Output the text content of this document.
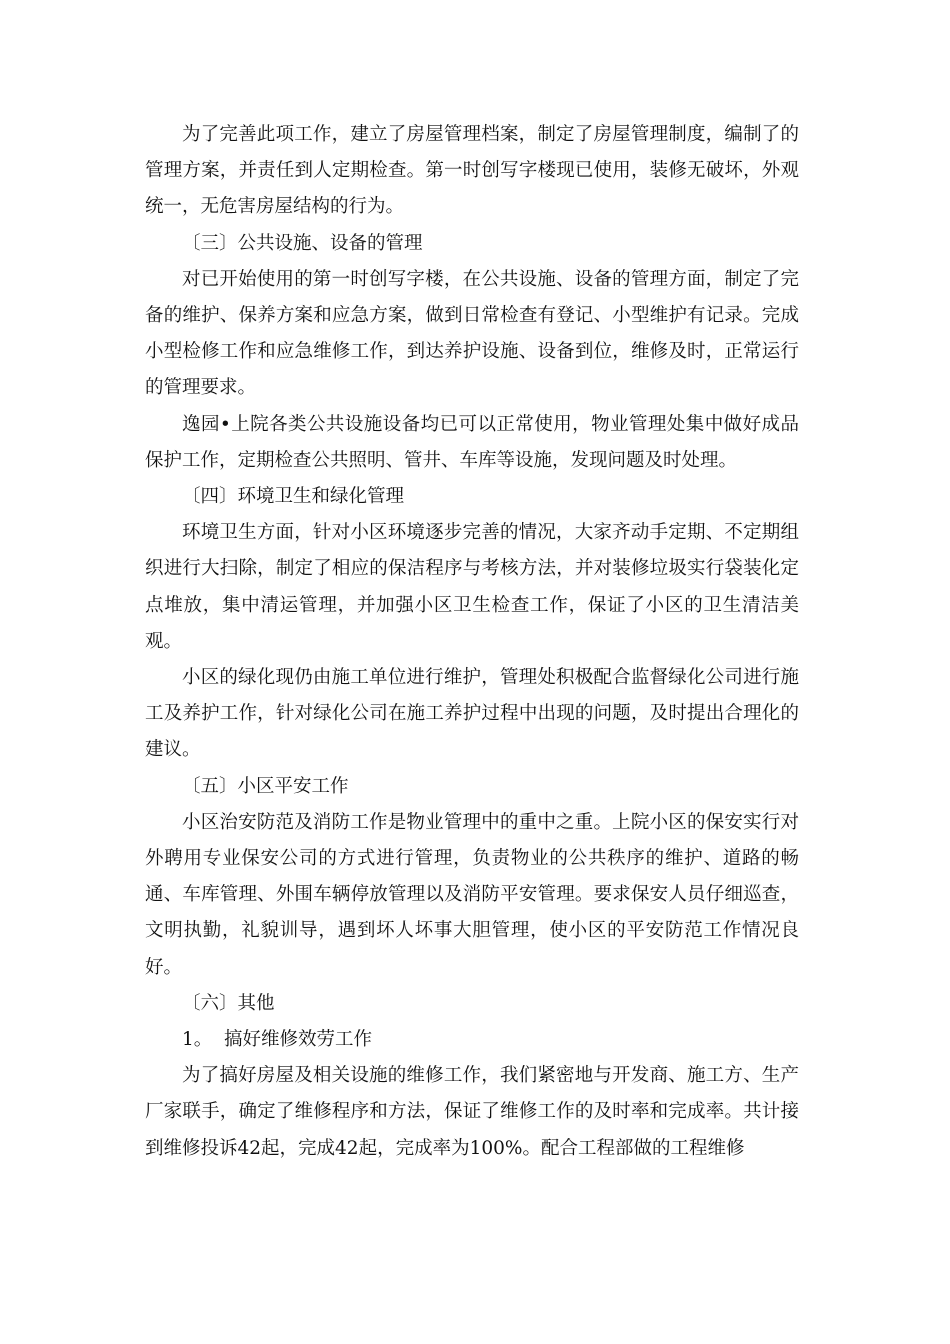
为了完善此项工作，建立了房屋管理档案，制定了房屋管理制度，编制了的管理方案，并责任到人定期检查。第一时创写字楼现已使用，装修无破坏，外观统一，无危害房屋结构的行为。

〔三〕公共设施、设备的管理

对已开始使用的第一时创写字楼，在公共设施、设备的管理方面，制定了完备的维护、保养方案和应急方案，做到日常检查有登记、小型维护有记录。完成小型检修工作和应急维修工作，到达养护设施、设备到位，维修及时，正常运行的管理要求。

逸园•上院各类公共设施设备均已可以正常使用，物业管理处集中做好成品保护工作，定期检查公共照明、管井、车库等设施，发现问题及时处理。

〔四〕环境卫生和绿化管理

环境卫生方面，针对小区环境逐步完善的情况，大家齐动手定期、不定期组织进行大扫除，制定了相应的保洁程序与考核方法，并对装修垃圾实行袋装化定点堆放，集中清运管理，并加强小区卫生检查工作，保证了小区的卫生清洁美观。

小区的绿化现仍由施工单位进行维护，管理处积极配合监督绿化公司进行施工及养护工作，针对绿化公司在施工养护过程中出现的问题，及时提出合理化的建议。

〔五〕小区平安工作

小区治安防范及消防工作是物业管理中的重中之重。上院小区的保安实行对外聘用专业保安公司的方式进行管理，负责物业的公共秩序的维护、道路的畅通、车库管理、外围车辆停放管理以及消防平安管理。要求保安人员仔细巡查，文明执勤，礼貌训导，遇到坏人坏事大胆管理，使小区的平安防范工作情况良好。

〔六〕其他

1。  搞好维修效劳工作

为了搞好房屋及相关设施的维修工作，我们紧密地与开发商、施工方、生产厂家联手，确定了维修程序和方法，保证了维修工作的及时率和完成率。共计接到维修投诉42起，完成42起，完成率为100%。配合工程部做的工程维修
